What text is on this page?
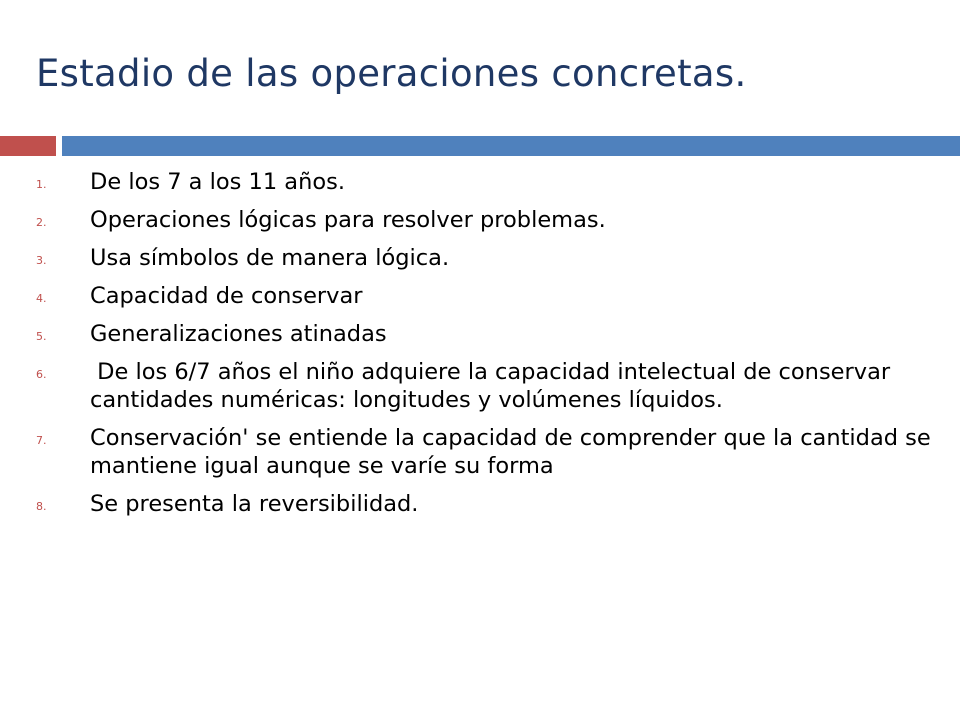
Estadio de las operaciones concretas.
1.	De los 7 a los 11 años.
2.	Operaciones lógicas para resolver problemas.
3.	Usa símbolos de manera lógica.
4.	Capacidad de conservar
5.	Generalizaciones atinadas
6.	De los 6/7 años el niño adquiere la capacidad intelectual de conservar cantidades numéricas: longitudes y volúmenes líquidos.
7.	Conservación' se entiende la capacidad de comprender que la cantidad se mantiene igual aunque se varíe su forma
8.	Se presenta la reversibilidad.
